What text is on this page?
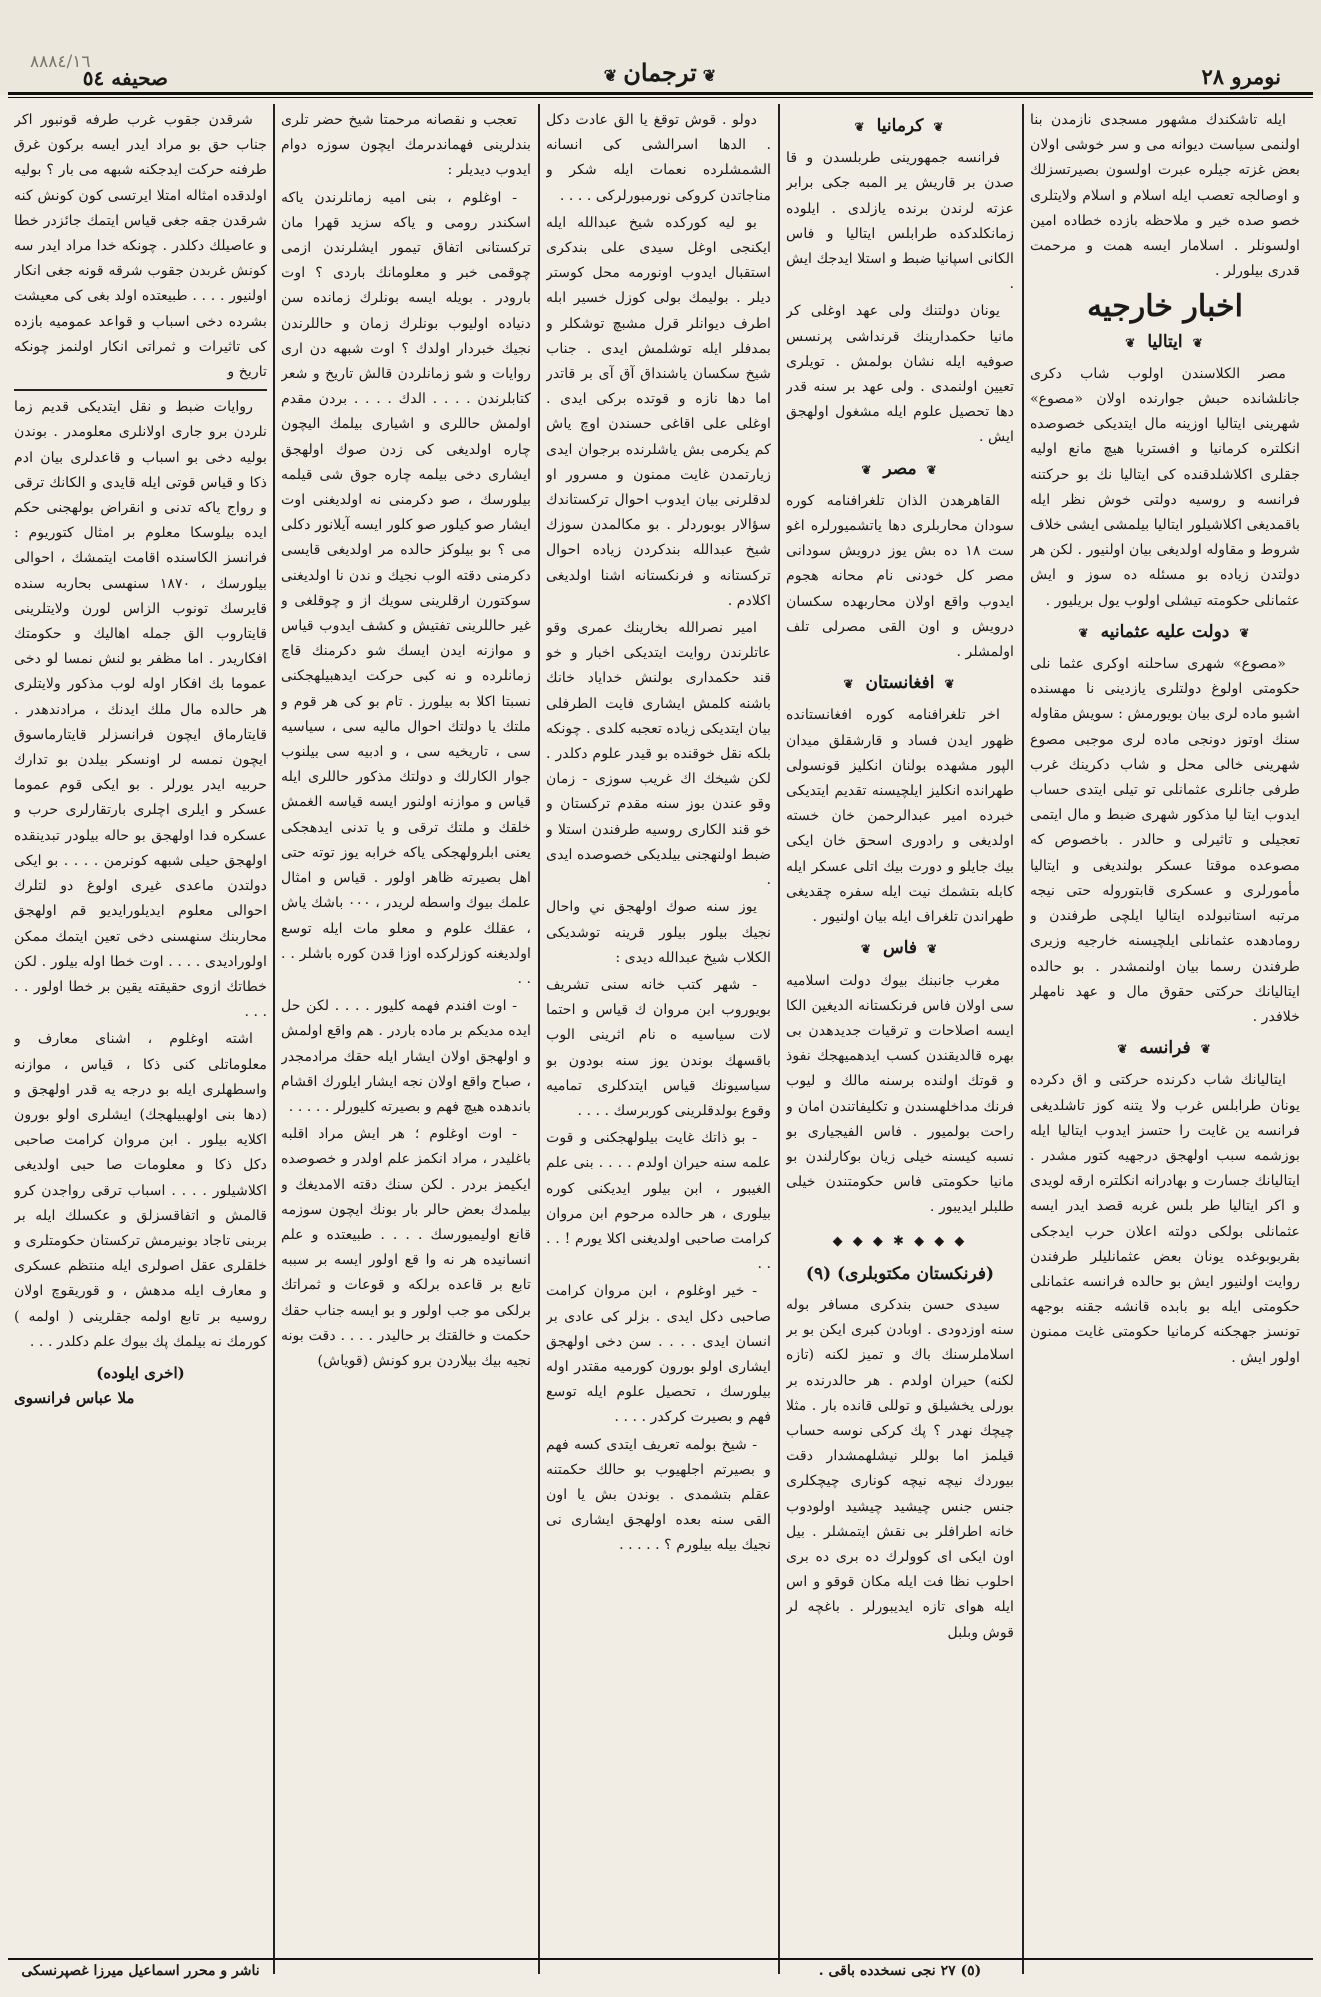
٨٨٨٤/١٦
صحيفه ٥٤	❦ترجمان❦	نومرو ٢٨

ايله تاشكندك مشهور مسجدى نازمدن بنا اولنمى سياست ديوانه مى و سر خوشى اولان بعض غزته جيلره عبرت اولسون بصيرتسزلك و اوصالجه تعصب ايله اسلام و اسلام ولايتلرى خصو صده خير و ملاحظه بازده خطاده امين اولسونلر . اسلامار ايسه همت و مرحمت قدرى بيلورلر .

اخبار خارجيه
❦ايتاليا❦

مصر الكلاسندن اولوب شاب دكرى جانلشانده حبش جوارنده اولان «مصوع» شهرينى ايتاليا اوزينه مال ايتديكى خصوصده انكلتره كرمانيا و افستريا هيچ مانع اوليه جقلرى اكلاشلدقنده كى ايتاليا نك بو حركتنه فرانسه و روسيه دولتى خوش نظر ايله باقمديغى اكلاشيلور ايتاليا بيلمشى ايشى خلاف شروط و مقاوله اولديغى بيان اولنيور . لكن هر دولتدن زياده بو مسئله ده سوز و ايش عثمانلى حكومته تيشلى اولوب يول بريليور .

❦دولت عليه عثمانيه❦

«مصوع» شهرى ساحلنه اوكرى عثما نلى حكومتى اولوغ دولتلرى يازدينى نا مهسنده اشبو ماده لرى بيان بويورمش : سويش مقاوله سنك اوتوز دونجى ماده لرى موجبى مصوع شهرينى خالى محل و شاب دكرينك غرب طرفى جانلرى عثمانلى تو تيلى ايتدى حساب ايدوب ايتا ليا مذكور شهرى ضبط و مال ايتمى تعجيلى و تاثيرلى و حالدر . باخصوص كه مصوعده موقتا عسكر بولنديغى و ايتاليا مأمورلرى و عسكرى قابتوروله حتى نيجه مرتبه استانبولده ايتاليا ايلچى طرفندن و رومادهده عثمانلى ايلچيسنه خارجيه وزيرى طرفندن رسما بيان اولنمشدر . بو حالده ايتاليانك حركتى حقوق مال و عهد نامهلر خلافدر .

❦فرانسه❦

ايتاليانك شاب دكرنده حركتى و اق دكرده يونان طرابلس غرب ولا يتنه كوز تاشلديغى فرانسه ين غايت را حتسز ايدوب ايتاليا ايله بوزشمه سبب اولهجق درجهيه كتور مشدر . ايتاليانك جسارت و بهادرانه انكلتره ارقه لويدى و اكر ايتاليا طر بلس غربه قصد ايدر ايسه عثمانلى بولكى دولته اعلان حرب ايدجكى بقربوبوغده يونان بعض عثمانليلر طرفندن روايت اولنيور ايش بو حالده فرانسه عثمانلى حكومتى ايله بو بابده قانشه جقنه بوجهه تونسز جهجكنه كرمانيا حكومتى غايت ممنون اولور ايش .

❦كرمانيا❦

فرانسه جمهورينى طربلسدن و قا صدن بر قاريش ير المبه جكى برابر عزته لرندن برنده يازلدى . ايلوده زمانكلدكده طرابلس ايتاليا و فاس الكانى اسپانيا ضبط و استلا ايدجك ايش .

يونان دولتنك ولى عهد اوغلى كر مانيا حكمدارينك قرنداشى پرنسس صوفيه ايله نشان بولمش . تويلرى تعيين اولنمدى . ولى عهد بر سنه قدر دها تحصيل علوم ايله مشغول اولهجق ايش .

❦مصر❦

القاهرهدن الذان تلغرافنامه كوره سودان محاربلرى دها ياتشميورلره اغو ست ١٨ ده بش يوز درويش سودانى مصر كل خودنى نام محانه هجوم ايدوب واقع اولان محاربهده سكسان درويش و اون القى مصرلى تلف اولمشلر .

❦افغانستان❦

اخر تلغرافنامه كوره افغانستانده ظهور ايدن فساد و قارشقلق ميدان الپور مشهده بولنان انكليز قونسولى طهرانده انكليز ايلچيسنه تقديم ايتديكى خبرده امير عبدالرحمن خان خسته اولديغى و رادورى اسحق خان ايكى بيك جايلو و دورت بيك اتلى عسكر ايله كابله بتشمك نيت ايله سفره چقديغى طهراندن تلغراف ايله بيان اولنيور .

❦فاس❦

مغرب جانبنك بيوك دولت اسلاميه سى اولان فاس فرنكستانه الديغين الكا ايسه اصلاحات و ترقيات جديدهدن بى بهره قالديقندن كسب ايدهميهجك نفوذ و قوتك اولنده برسنه مالك و ليوب فرنك مداخلهسندن و تكليفاتندن امان و راحت بولميور . فاس الفيجيارى بو نسبه كيسنه خيلى زيان بوكارلندن بو مانيا حكومتى فاس حكومتندن خيلى طلبلر ايديبور .

◆ ◆ ◆ ✱ ◆ ◆ ◆
(فرنكستان مكتوبلرى) (٩)

سيدى حسن بندكرى مسافر بوله سنه اوزدودى . اوبادن كبرى ايكن بو بر اسلاملرسنك باك و تميز لكنه (تازه لكنه) حيران اولدم . هر حالدرنده بر بورلى يخشيلق و توللى قانده بار . مثلا چيچك نهدر ؟ پك كركى نوسه حساب قيلمز اما بوللر نيشلهمشدار دقت بيوردك نيچه نيچه كونارى چيچكلرى جنس جنس چيشيد چيشيد اولودوب خانه اطرافلر بى نقش ايتمشلر . بيل اون ايكى اى كوولرك ده برى ده برى احلوب نظا فت ايله مكان قوقو و اس ايله هواى تازه ايديبورلر . باغچه لر قوش وبلبل

(٥) ٢٧ نجى نسخدده باقى .

دولو . قوش توقغ يا الق عادت دكل . الدها اسرالشى كى انسانه الشمشلرده نعمات ايله شكر و مناجاتدن كروكى نورمبورلركى . . . .

بو ليه كوركده شيخ عبدالله ايله ايكنجى اوغل سيدى على بندكرى استقبال ايدوب اونورمه محل كوستر ديلر . بوليمك بولى كوزل خسير ابله اطرف ديوانلر قرل مشبچ توشكلر و بمدفلر ايله توشلمش ايدى . جناب شيخ سكسان ياشنداق آق آى بر قاتدر اما دها نازه و قوتده بركى ايدى . اوغلى على اقاغى حسندن اوچ ياش كم يكرمى بش ياشلرنده برجوان ايدى زيارتمدن غايت ممنون و مسرور او لدقلرنى بيان ايدوب احوال تركستاندك سؤالار بوبوردلر . بو مكالمدن سوزك شيخ عبدالله بندكردن زياده احوال تركستانه و فرنكستانه اشنا اولديغى اكلادم .

امير نصرالله بخارينك عمرى وقو عاتلرندن روايت ايتديكى اخبار و خو قند حكمدارى بولنش خداياد خانك باشنه كلمش ايشارى فايت الطرفلى بيان ايتديكى زياده تعجبه كلدى . چونكه بلكه نقل خوقنده بو قيدر علوم دكلدر . لكن شيخك اك غريب سوزى - زمان وقو عندن بوز سنه مقدم تركستان و خو قند الكارى روسيه طرفندن استلا و ضبط اولنهجنى بيلديكى خصوصده ايدى .

يوز سنه صوك اولهجق ني واحال نجيك بيلور بيلور قرينه توشديكى الكلاب شيخ عبدالله ديدى :

- شهر كتب خانه سنى تشريف بويوروب ابن مروان ك قياس و احتما لات سياسيه ه نام اثرينى الوب باقسهك بوندن يوز سنه بودون بو سياسيونك قياس ايتدكلرى تماميه وقوع بولدقلرينى كوربرسك . . . .

- بو ذاتك غايت بيلولهجكنى و قوت علمه سنه حيران اولدم . . . . بنى علم الغيبور ، ابن بيلور ايديكنى كوره بيلورى ، هر حالده مرحوم ابن مروان كرامت صاحبى اولديغنى اكلا يورم ! . . . .

- خير اوغلوم ، ابن مروان كرامت صاحبى دكل ايدى . بزلر كى عادى بر انسان ايدى . . . . سن دخى اولهجق ايشارى اولو بورون كورميه مقتدر اوله بيلورسك ، تحصيل علوم ايله توسع فهم و بصيرت كركدر . . . .

- شيخ بولمه تعريف ايتدى كسه فهم و بصيرتم اجلهيوب بو حالك حكمتنه عقلم بتشمدى . بوندن بش يا اون القى سنه بعده اولهجق ايشارى نى نجيك بيله بيلورم ؟ . . . . .

تعجب و نقصانه مرحمتا شيخ حضر تلرى بندلرينى فهماندىرمك ايچون سوزه دوام ايدوب ديديلر :

- اوغلوم ، بنى اميه زمانلرندن ياكه اسكندر رومى و ياكه سزيد قهرا مان تركستانى اتفاق تيمور ايشلرندن ازمى چوقمى خبر و معلومانك باردى ؟ اوت بارودر . بويله ايسه بونلرك زمانده سن دنياده اوليوب بونلرك زمان و حاللرندن نجيك خبردار اولدك ؟ اوت شبهه دن ارى روايات و شو زمانلردن قالش تاريخ و شعر كتابلرندن . . . . الدك . . . . بردن مقدم اولمش حاللرى و اشيارى بيلمك اليچون چاره اولديغى كى زدن صوك اولهجق ايشارى دخى بيلمه چاره جوق شى قيلمه بيلورسك ، صو دكرمنى نه اولديغنى اوت ايشار صو كيلور صو كلور ايسه آيلانور دكلى مى ؟ بو بيلوكز حالده مر اولديغى قايسى دكرمنى دقته الوب نجيك و ندن نا اولديغنى سوكتورن ارقلرينى سويك از و چوقلغى و غير حاللرينى تفتيش و كشف ايدوب قياس و موازنه ايدن ايسك شو دكرمنك قاچ زمانلرده و نه كبى حركت ايدهبيلهجكنى نسبتا اكلا به بيلورز . تام بو كى هر قوم و ملتك يا دولتك احوال ماليه سى ، سياسيه سى ، تاريخيه سى ، و ادبيه سى بيلنوب جوار الكارلك و دولتك مذكور حاللرى ايله قياس و موازنه اولنور ايسه قياسه الغمش خلقك و ملتك ترقى و يا تدنى ايدهجكى يعنى ابلرولهجكى ياكه خرابه يوز توته حتى اهل بصيرته ظاهر اولور . قياس و امثال علمك بيوك واسطه لريدر ، ٠٠٠ باشك ياش ، عقلك علوم و معلو مات ايله توسع اولديغنه كوزلركده اوزا قدن كوره باشلر . . . .

- اوت افندم فهمه كليور . . . . لكن حل ايده مديكم بر ماده باردر . هم واقع اولمش و اولهجق اولان ايشار ايله حقك مرادمجدر ، صباح واقع اولان نجه ايشار ايلورك اقشام باندهده هيچ فهم و بصيرته كليورلر . . . . .

- اوت اوغلوم ؛ هر ايش مراد اقلبه باغليدر ، مراد انكمز علم اولدر و خصوصده ايكيمز بردر . لكن سنك دقته الامديغك و بيلمدك بعض حالر بار بونك ايچون سوزمه قانع اوليميورسك . . . . طبيعتده و علم انسانيده هر نه وا قع اولور ايسه بر سببه تابع بر قاعده برلكه و قوعات و ثمراتك برلكى مو جب اولور و بو ايسه جناب حقك حكمت و خالقتك بر حاليدر . . . . دقت بونه نجيه بيك بيلاردن برو كونش (قوياش)

شرقدن جقوب غرب طرفه قونبور اكر جناب حق بو مراد ايدر ايسه بركون غرق طرفنه حركت ايدجكنه شبهه مى بار ؟ بوليه اولدقده امثاله امتلا ايرتسى كون كونش كنه شرقدن جقه جغى قياس ايتمك جائزدر خطا و عاصيلك دكلدر . چونكه خدا مراد ايدر سه كونش غربدن جقوب شرقه قونه جغى انكار اولنيور . . . . طبيعتده اولد بغى كى معيشت بشرده دخى اسباب و قواعد عموميه بازده كى تاثيرات و ثمراتى انكار اولنمز چونكه تاريخ و

روايات ضبط و نقل ايتديكى قديم زما نلردن برو جارى اولانلرى معلومدر . بوندن بوليه دخى بو اسباب و قاعدلرى بيان ادم ذكا و قياس قوتى ايله قايدى و الكانك ترقى و رواج ياكه تدنى و انقراض بولهجنى حكم ايده بيلوسكا معلوم بر امثال كتوريوم : فرانسز الكاسنده اقامت ايتمشك ، احوالى بيلورسك ، ١٨٧٠ سنهسى بحاربه سنده قايرسك تونوب الزاس لورن ولايتلرينى قايتاروب الق جمله اهاليك و حكومتك افكاريدر . اما مظفر بو لنش نمسا لو دخى عموما بك افكار اوله لوب مذكور ولايتلرى هر حالده مال ملك ايدنك ، مرادندهدر . قايتارماق ايچون فرانسزلر قايتارماسوق ايچون نمسه لر اونسكر بيلدن بو تدارك حربيه ايدر يورلر . بو ايكى قوم عموما عسكر و ايلرى اچلرى بارتقارلرى حرب و عسكره فدا اولهجق بو حاله بيلودر تبدينقده اولهجق حيلى شبهه كونرمن . . . . بو ايكى دولتدن ماعدى غيرى اولوغ دو لتلرك احوالى معلوم ايديلورايديو قم اولهجق محاربنك سنهسنى دخى تعين ايتمك ممكن اولوراديدى . . . . اوت خطا اوله بيلور . لكن خطاتك ازوى حقيقته يقين بر خطا اولور . . . . .

اشته اوغلوم ، اشناى معارف و معلوماتلى كنى ذكا ، قياس ، موازنه واسطهلرى ايله بو درجه يه قدر اولهجق و (دها بنى اولهبيلهجك) ايشلرى اولو بورون اكلايه بيلور . ابن مروان كرامت صاحبى دكل ذكا و معلومات صا حبى اولديغى اكلاشيلور . . . . اسباب ترقى رواجدن كرو قالمش و اتفاقسزلق و عكسلك ايله بر بربنى تاجاد بونيرمش تركستان حكومتلرى و خلقلرى عقل اصولرى ايله منتظم عسكرى و معارف ايله مدهش ، و قوريقوچ اولان روسيه بر تابع اولمه جقلرينى ( اولمه ) كورمك نه بيلمك پك بيوك علم دكلدر . . .

(اخرى ايلوده)
ملا عباس فرانسوى
ناشر و محرر اسماعيل ميرزا غصپرنسكى
